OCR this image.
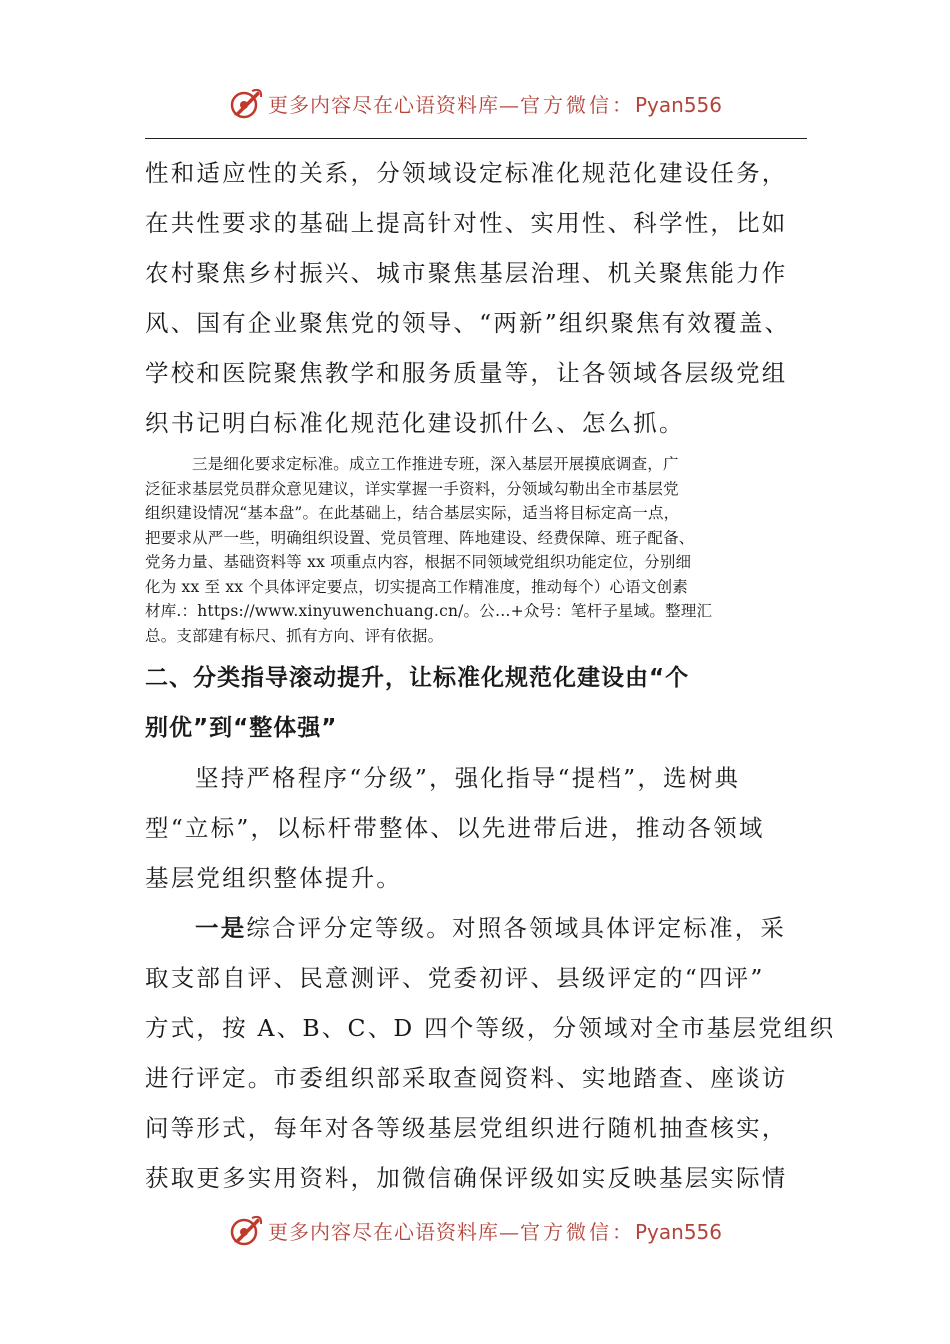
更多内容尽在心语资料库—官方微信：Pyan556

性和适应性的关系，分领域设定标准化规范化建设任务，
在共性要求的基础上提高针对性、实用性、科学性，比如
农村聚焦乡村振兴、城市聚焦基层治理、机关聚焦能力作
风、国有企业聚焦党的领导、“两新”组织聚焦有效覆盖、
学校和医院聚焦教学和服务质量等，让各领域各层级党组
织书记明白标准化规范化建设抓什么、怎么抓。

三是细化要求定标准。成立工作推进专班，深入基层开展摸底调查，广
泛征求基层党员群众意见建议，详实掌握一手资料，分领域勾勒出全市基层党
组织建设情况“基本盘”。在此基础上，结合基层实际，适当将目标定高一点，
把要求从严一些，明确组织设置、党员管理、阵地建设、经费保障、班子配备、
党务力量、基础资料等 xx 项重点内容，根据不同领域党组织功能定位，分别细
化为 xx 至 xx 个具体评定要点，切实提高工作精准度，推动每个）心语文创素
材库.：https://www.xinyuwenchuang.cn/。公…+众号：笔杆子星域。整理汇
总。支部建有标尺、抓有方向、评有依据。

二、分类指导滚动提升，让标准化规范化建设由“个
别优”到“整体强”

坚持严格程序“分级”，强化指导“提档”，选树典
型“立标”，以标杆带整体、以先进带后进，推动各领域
基层党组织整体提升。

一是综合评分定等级。对照各领域具体评定标准，采
取支部自评、民意测评、党委初评、县级评定的“四评”
方式，按 A、B、C、D 四个等级，分领域对全市基层党组织
进行评定。市委组织部采取查阅资料、实地踏查、座谈访
问等形式，每年对各等级基层党组织进行随机抽查核实，
获取更多实用资料，加微信确保评级如实反映基层实际情

更多内容尽在心语资料库—官方微信：Pyan556
